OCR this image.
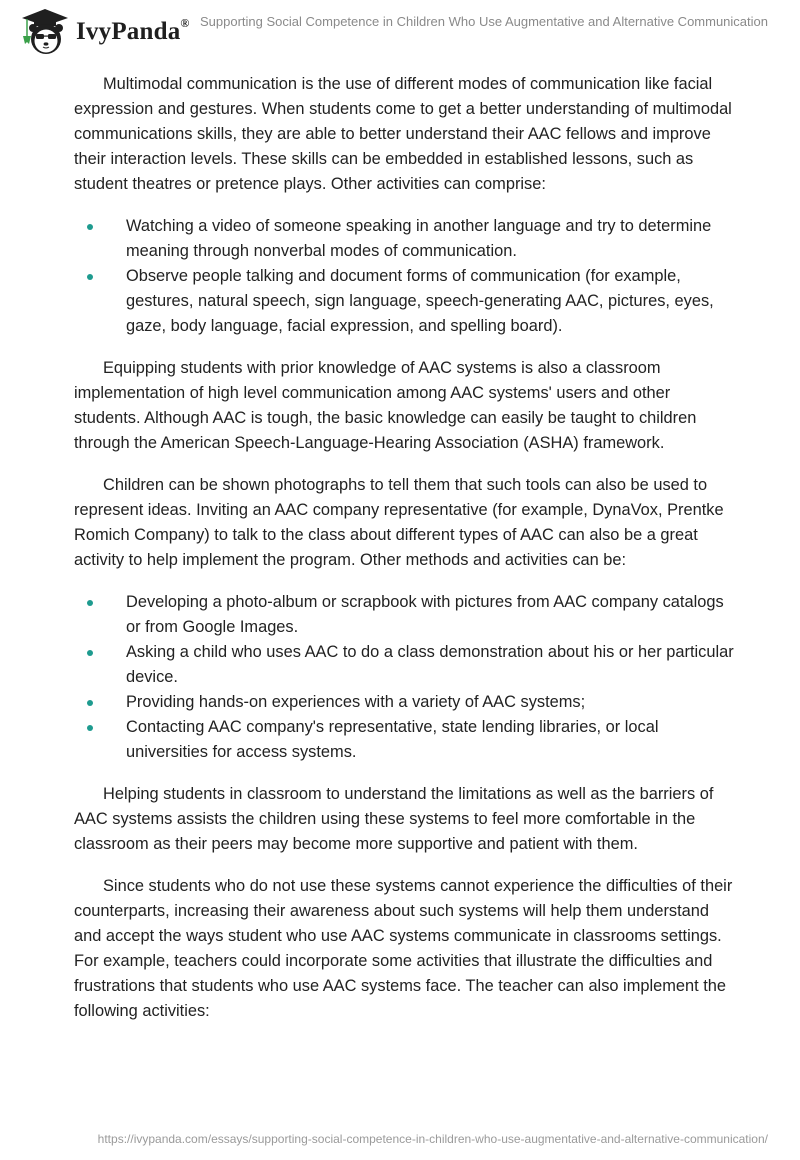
IvyPanda® Supporting Social Competence in Children Who Use Augmentative and Alternative Communication

Multimodal communication is the use of different modes of communication like facial expression and gestures. When students come to get a better understanding of multimodal communications skills, they are able to better understand their AAC fellows and improve their interaction levels. These skills can be embedded in established lessons, such as student theatres or pretence plays. Other activities can comprise:

Watching a video of someone speaking in another language and try to determine meaning through nonverbal modes of communication.
Observe people talking and document forms of communication (for example, gestures, natural speech, sign language, speech-generating AAC, pictures, eyes, gaze, body language, facial expression, and spelling board).

Equipping students with prior knowledge of AAC systems is also a classroom implementation of high level communication among AAC systems' users and other students. Although AAC is tough, the basic knowledge can easily be taught to children through the American Speech-Language-Hearing Association (ASHA) framework.

Children can be shown photographs to tell them that such tools can also be used to represent ideas. Inviting an AAC company representative (for example, DynaVox, Prentke Romich Company) to talk to the class about different types of AAC can also be a great activity to help implement the program. Other methods and activities can be:

Developing a photo-album or scrapbook with pictures from AAC company catalogs or from Google Images.
Asking a child who uses AAC to do a class demonstration about his or her particular device.
Providing hands-on experiences with a variety of AAC systems;
Contacting AAC company's representative, state lending libraries, or local universities for access systems.

Helping students in classroom to understand the limitations as well as the barriers of AAC systems assists the children using these systems to feel more comfortable in the classroom as their peers may become more supportive and patient with them.

Since students who do not use these systems cannot experience the difficulties of their counterparts, increasing their awareness about such systems will help them understand and accept the ways student who use AAC systems communicate in classrooms settings. For example, teachers could incorporate some activities that illustrate the difficulties and frustrations that students who use AAC systems face. The teacher can also implement the following activities:

https://ivypanda.com/essays/supporting-social-competence-in-children-who-use-augmentative-and-alternative-communication/
